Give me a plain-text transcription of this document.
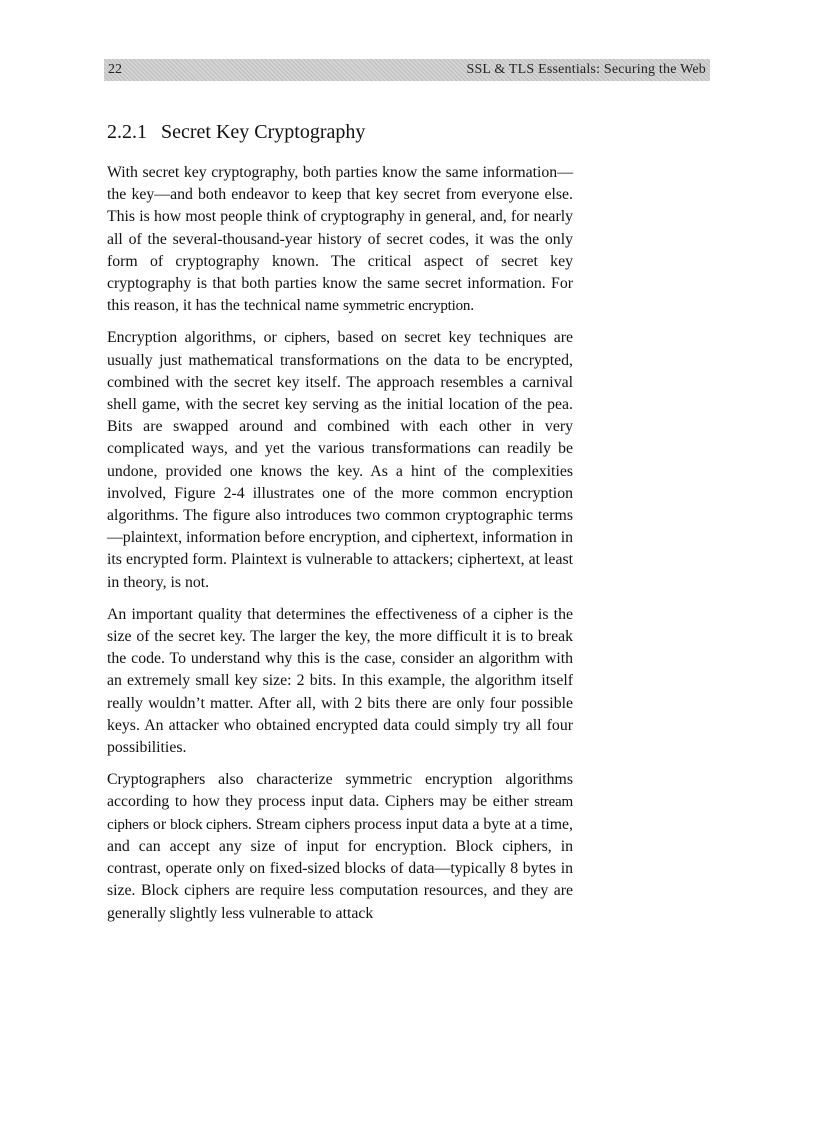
22	SSL & TLS Essentials: Securing the Web
2.2.1 Secret Key Cryptography

With secret key cryptography, both parties know the same information—the key—and both endeavor to keep that key secret from everyone else. This is how most people think of cryptography in general, and, for nearly all of the several-thousand-year history of secret codes, it was the only form of cryptography known. The critical aspect of secret key cryptography is that both parties know the same secret information. For this reason, it has the technical name symmetric encryption.

Encryption algorithms, or ciphers, based on secret key techniques are usually just mathematical transformations on the data to be encrypted, combined with the secret key itself. The approach resembles a carnival shell game, with the secret key serving as the initial location of the pea. Bits are swapped around and combined with each other in very complicated ways, and yet the various transformations can readily be undone, provided one knows the key. As a hint of the complexities involved, Figure 2-4 illustrates one of the more common encryption algorithms. The figure also introduces two common cryptographic terms—plaintext, information before encryption, and ciphertext, information in its encrypted form. Plaintext is vulnerable to attackers; ciphertext, at least in theory, is not.

An important quality that determines the effectiveness of a cipher is the size of the secret key. The larger the key, the more difficult it is to break the code. To understand why this is the case, consider an algorithm with an extremely small key size: 2 bits. In this example, the algorithm itself really wouldn’t matter. After all, with 2 bits there are only four possible keys. An attacker who obtained encrypted data could simply try all four possibilities.

Cryptographers also characterize symmetric encryption algorithms according to how they process input data. Ciphers may be either stream ciphers or block ciphers. Stream ciphers process input data a byte at a time, and can accept any size of input for encryption. Block ciphers, in contrast, operate only on fixed-sized blocks of data—typically 8 bytes in size. Block ciphers are require less computation resources, and they are generally slightly less vulnerable to attack
